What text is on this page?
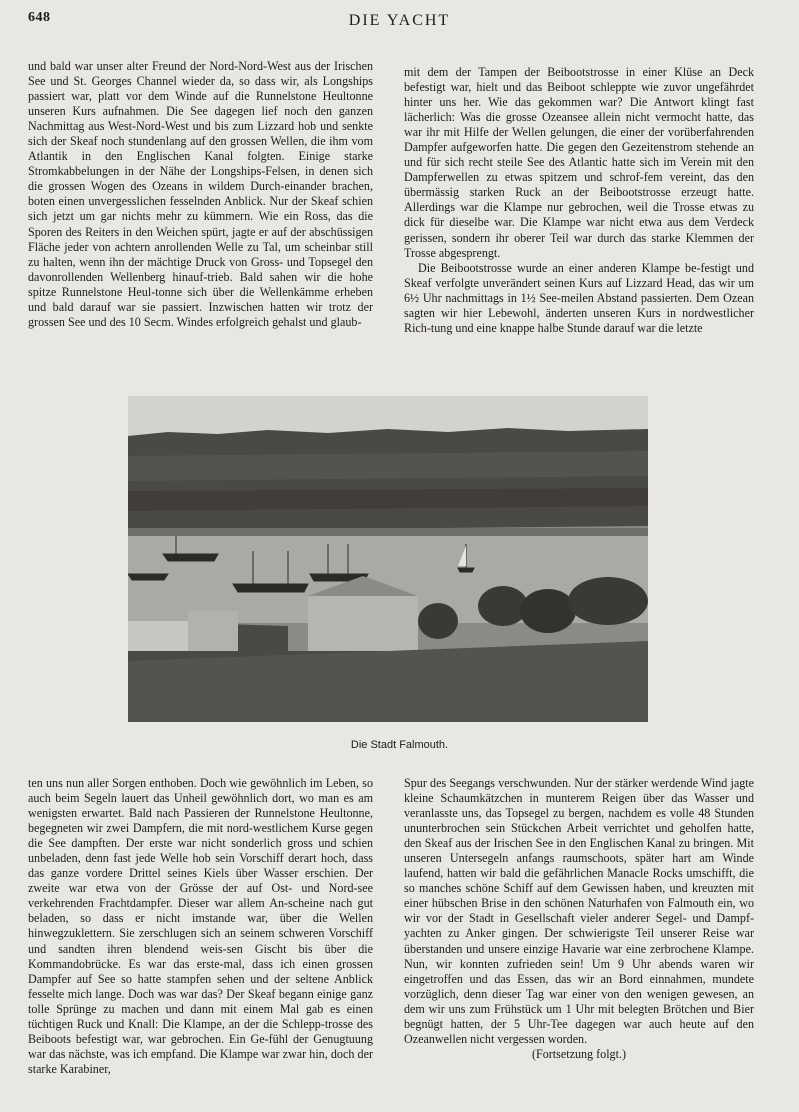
648	DIE YACHT

und bald war unser alter Freund der Nord-Nord-West aus der Irischen See und St. Georges Channel wieder da, so dass wir, als Longships passiert war, platt vor dem Winde auf die Runnelstone Heultonne unseren Kurs aufnahmen. Die See dagegen lief noch den ganzen Nachmittag aus West-Nord-West und bis zum Lizzard hob und senkte sich der Skeaf noch stundenlang auf den grossen Wellen, die ihm vom Atlantik in den Englischen Kanal folgten. Einige starke Stromkabbelungen in der Nähe der Longships-Felsen, in denen sich die grossen Wogen des Ozeans in wildem Durch-einander brachen, boten einen unvergesslichen fesselnden Anblick. Nur der Skeaf schien sich jetzt um gar nichts mehr zu kümmern. Wie ein Ross, das die Sporen des Reiters in den Weichen spürt, jagte er auf der abschüssigen Fläche jeder von achtern anrollenden Welle zu Tal, um scheinbar still zu halten, wenn ihn der mächtige Druck von Gross- und Topsegel den davonrollenden Wellenberg hinauf-trieb. Bald sahen wir die hohe spitze Runnelstone Heul-tonne sich über die Wellenkämme erheben und bald darauf war sie passiert. Inzwischen hatten wir trotz der grossen See und des 10 Secm. Windes erfolgreich gehalst und glaub-

mit dem der Tampen der Beibootstrosse in einer Klüse an Deck befestigt war, hielt und das Beiboot schleppte wie zuvor ungefährdet hinter uns her. Wie das gekommen war? Die Antwort klingt fast lächerlich: Was die grosse Ozeansee allein nicht vermocht hatte, das war ihr mit Hilfe der Wellen gelungen, die einer der vorüberfahrenden Dampfer aufgeworfen hatte. Die gegen den Gezeitenstrom stehende an und für sich recht steile See des Atlantic hatte sich im Verein mit den Dampferwellen zu etwas spitzem und schrof-fem vereint, das den übermässig starken Ruck an der Beibootstrosse erzeugt hatte. Allerdings war die Klampe nur gebrochen, weil die Trosse etwas zu dick für dieselbe war. Die Klampe war nicht etwa aus dem Verdeck gerissen, sondern ihr oberer Teil war durch das starke Klemmen der Trosse abgesprengt.

Die Beibootstrosse wurde an einer anderen Klampe be-festigt und Skeaf verfolgte unverändert seinen Kurs auf Lizzard Head, das wir um 6½ Uhr nachmittags in 1½ See-meilen Abstand passierten. Dem Ozean sagten wir hier Lebewohl, änderten unseren Kurs in nordwestlicher Rich-tung und eine knappe halbe Stunde darauf war die letzte

Die Stadt Falmouth.

ten uns nun aller Sorgen enthoben. Doch wie gewöhnlich im Leben, so auch beim Segeln lauert das Unheil gewöhnlich dort, wo man es am wenigsten erwartet. Bald nach Passieren der Runnelstone Heultonne, begegneten wir zwei Dampfern, die mit nord-westlichem Kurse gegen die See dampften. Der erste war nicht sonderlich gross und schien unbeladen, denn fast jede Welle hob sein Vorschiff derart hoch, dass das ganze vordere Drittel seines Kiels über Wasser erschien. Der zweite war etwa von der Grösse der auf Ost- und Nord-see verkehrenden Frachtdampfer. Dieser war allem An-scheine nach gut beladen, so dass er nicht imstande war, über die Wellen hinwegzuklettern. Sie zerschlugen sich an seinem schweren Vorschiff und sandten ihren blendend weis-sen Gischt bis über die Kommandobrücke. Es war das erste-mal, dass ich einen grossen Dampfer auf See so hatte stampfen sehen und der seltene Anblick fesselte mich lange. Doch was war das? Der Skeaf begann einige ganz tolle Sprünge zu machen und dann mit einem Mal gab es einen tüchtigen Ruck und Knall: Die Klampe, an der die Schlepp-trosse des Beiboots befestigt war, war gebrochen. Ein Ge-fühl der Genugtuung war das nächste, was ich empfand. Die Klampe war zwar hin, doch der starke Karabiner,

Spur des Seegangs verschwunden. Nur der stärker werdende Wind jagte kleine Schaumkätzchen in munterem Reigen über das Wasser und veranlasste uns, das Topsegel zu bergen, nachdem es volle 48 Stunden ununterbrochen sein Stückchen Arbeit verrichtet und geholfen hatte, den Skeaf aus der Irischen See in den Englischen Kanal zu bringen. Mit unseren Untersegeln anfangs raumschoots, später hart am Winde laufend, hatten wir bald die gefährlichen Manacle Rocks umschifft, die so manches schöne Schiff auf dem Gewissen haben, und kreuzten mit einer hübschen Brise in den schönen Naturhafen von Falmouth ein, wo wir vor der Stadt in Gesellschaft vieler anderer Segel- und Dampf-yachten zu Anker gingen. Der schwierigste Teil unserer Reise war überstanden und unsere einzige Havarie war eine zerbrochene Klampe. Nun, wir konnten zufrieden sein! Um 9 Uhr abends waren wir eingetroffen und das Essen, das wir an Bord einnahmen, mundete vorzüglich, denn dieser Tag war einer von den wenigen gewesen, an dem wir uns zum Frühstück um 1 Uhr mit belegten Brötchen und Bier begnügt hatten, der 5 Uhr-Tee dagegen war auch heute auf den Ozeanwellen nicht vergessen worden.

(Fortsetzung folgt.)
